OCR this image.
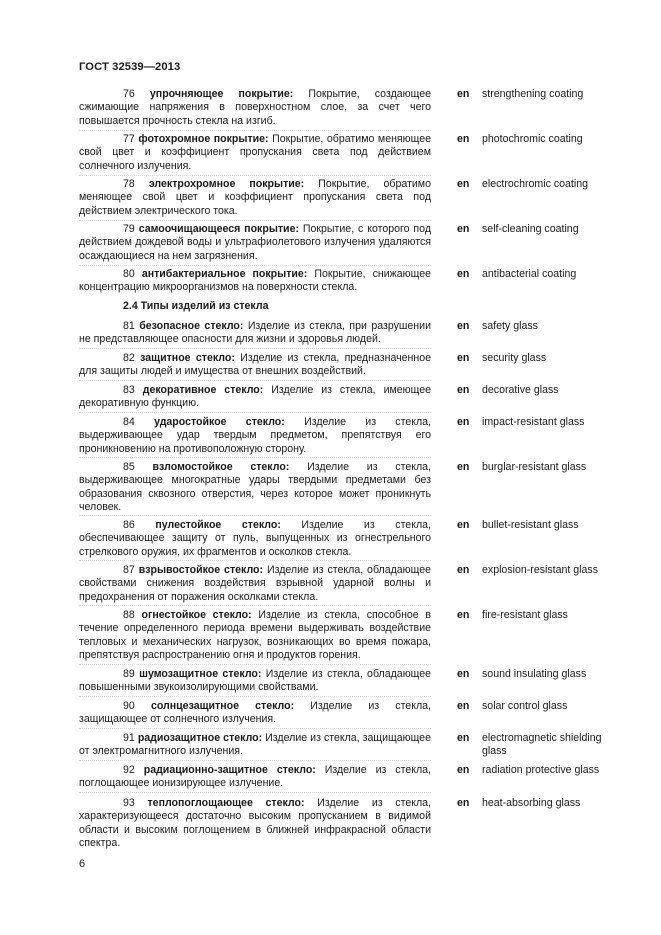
ГОСТ 32539—2013
76 упрочняющее покрытие: Покрытие, создающее сжимающие напряжения в поверхностном слое, за счет чего повышается прочность стекла на изгиб.
en strengthening coating
77 фотохромное покрытие: Покрытие, обратимо меняющее свой цвет и коэффициент пропускания света под действием солнечного излучения.
en photochromic coating
78 электрохромное покрытие: Покрытие, обратимо меняющее свой цвет и коэффициент пропускания света под действием электрического тока.
en electrochromic coating
79 самоочищающееся покрытие: Покрытие, с которого под действием дождевой воды и ультрафиолетового излучения удаляются осаждающиеся на нем загрязнения.
en self-cleaning coating
80 антибактериальное покрытие: Покрытие, снижающее концентрацию микроорганизмов на поверхности стекла.
en antibacterial coating
2.4 Типы изделий из стекла
81 безопасное стекло: Изделие из стекла, при разрушении не представляющее опасности для жизни и здоровья людей.
en safety glass
82 защитное стекло: Изделие из стекла, предназначенное для защиты людей и имущества от внешних воздействий.
en security glass
83 декоративное стекло: Изделие из стекла, имеющее декоративную функцию.
en decorative glass
84 ударостойкое стекло: Изделие из стекла, выдерживающее удар твердым предметом, препятствуя его проникновению на противоположную сторону.
en impact-resistant glass
85 взломостойкое стекло: Изделие из стекла, выдерживающее многократные удары твердыми предметами без образования сквозного отверстия, через которое может проникнуть человек.
en burglar-resistant glass
86 пулестойкое стекло: Изделие из стекла, обеспечивающее защиту от пуль, выпущенных из огнестрельного стрелкового оружия, их фрагментов и осколков стекла.
en bullet-resistant glass
87 взрывостойкое стекло: Изделие из стекла, обладающее свойствами снижения воздействия взрывной ударной волны и предохранения от поражения осколками стекла.
en explosion-resistant glass
88 огнестойкое стекло: Изделие из стекла, способное в течение определенного периода времени выдерживать воздействие тепловых и механических нагрузок, возникающих во время пожара, препятствуя распространению огня и продуктов горения.
en fire-resistant glass
89 шумозащитное стекло: Изделие из стекла, обладающее повышенными звукоизолирующими свойствами.
en sound insulating glass
90 солнцезащитное стекло: Изделие из стекла, защищающее от солнечного излучения.
en solar control glass
91 радиозащитное стекло: Изделие из стекла, защищающее от электромагнитного излучения.
en electromagnetic shielding glass
92 радиационно-защитное стекло: Изделие из стекла, поглощающее ионизирующее излучение.
en radiation protective glass
93 теплопоглощающее стекло: Изделие из стекла, характеризующееся достаточно высоким пропусканием в видимой области и высоким поглощением в ближней инфракрасной области спектра.
en heat-absorbing glass
6
